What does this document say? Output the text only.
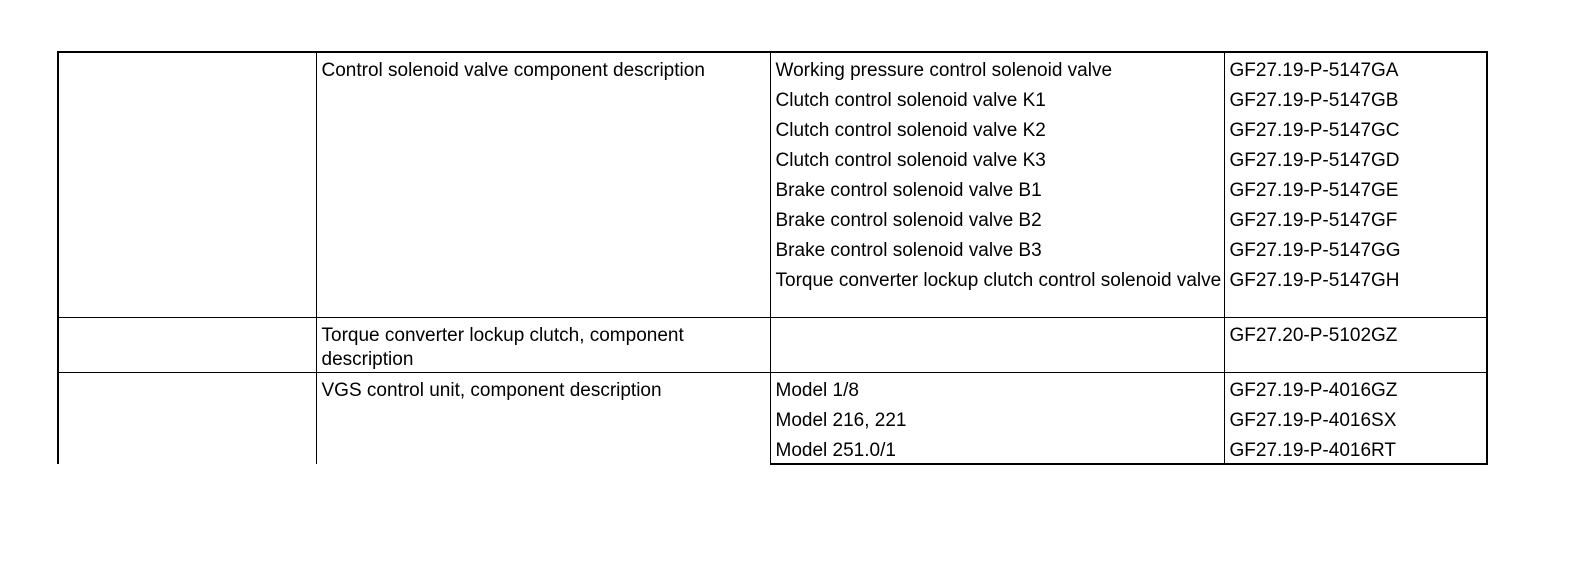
	Control solenoid valve component description	Working pressure control solenoid valve	GF27.19-P-5147GA

		Clutch control solenoid valve K1	GF27.19-P-5147GB

		Clutch control solenoid valve K2	GF27.19-P-5147GC

		Clutch control solenoid valve K3	GF27.19-P-5147GD

		Brake control solenoid valve B1	GF27.19-P-5147GE

		Brake control solenoid valve B2	GF27.19-P-5147GF

		Brake control solenoid valve B3	GF27.19-P-5147GG

		Torque converter lockup clutch control solenoid valve	GF27.19-P-5147GH

	Torque converter lockup clutch, component description		GF27.20-P-5102GZ

	VGS control unit, component description	Model 1/8	GF27.19-P-4016GZ

		Model 216, 221	GF27.19-P-4016SX

		Model 251.0/1	GF27.19-P-4016RT
